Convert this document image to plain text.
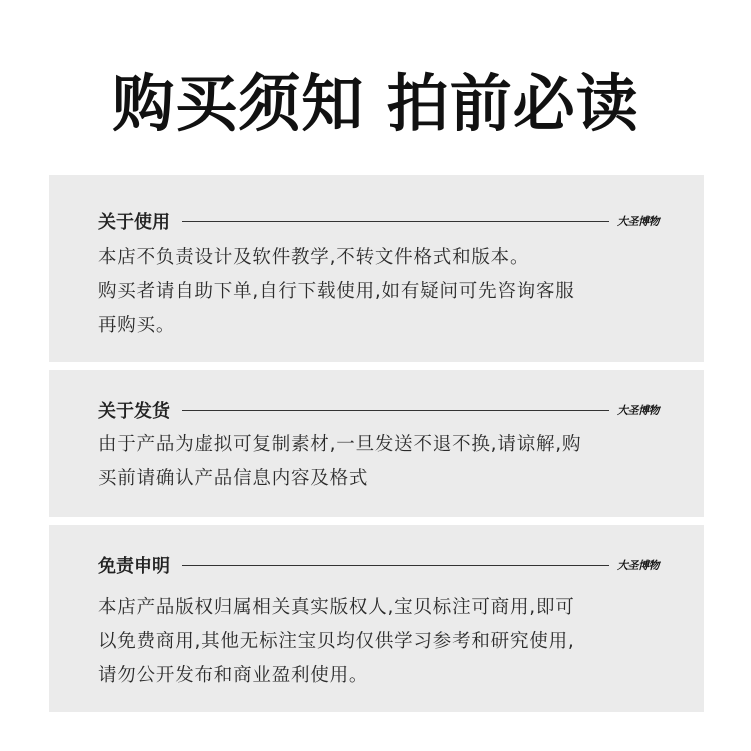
购买须知 拍前必读
关于使用	大圣博物
本店不负责设计及软件教学,不转文件格式和版本。
购买者请自助下单,自行下载使用,如有疑问可先咨询客服
再购买。
关于发货	大圣博物
由于产品为虚拟可复制素材,一旦发送不退不换,请谅解,购
买前请确认产品信息内容及格式
免责申明	大圣博物
本店产品版权归属相关真实版权人,宝贝标注可商用,即可
以免费商用,其他无标注宝贝均仅供学习参考和研究使用,
请勿公开发布和商业盈利使用。
